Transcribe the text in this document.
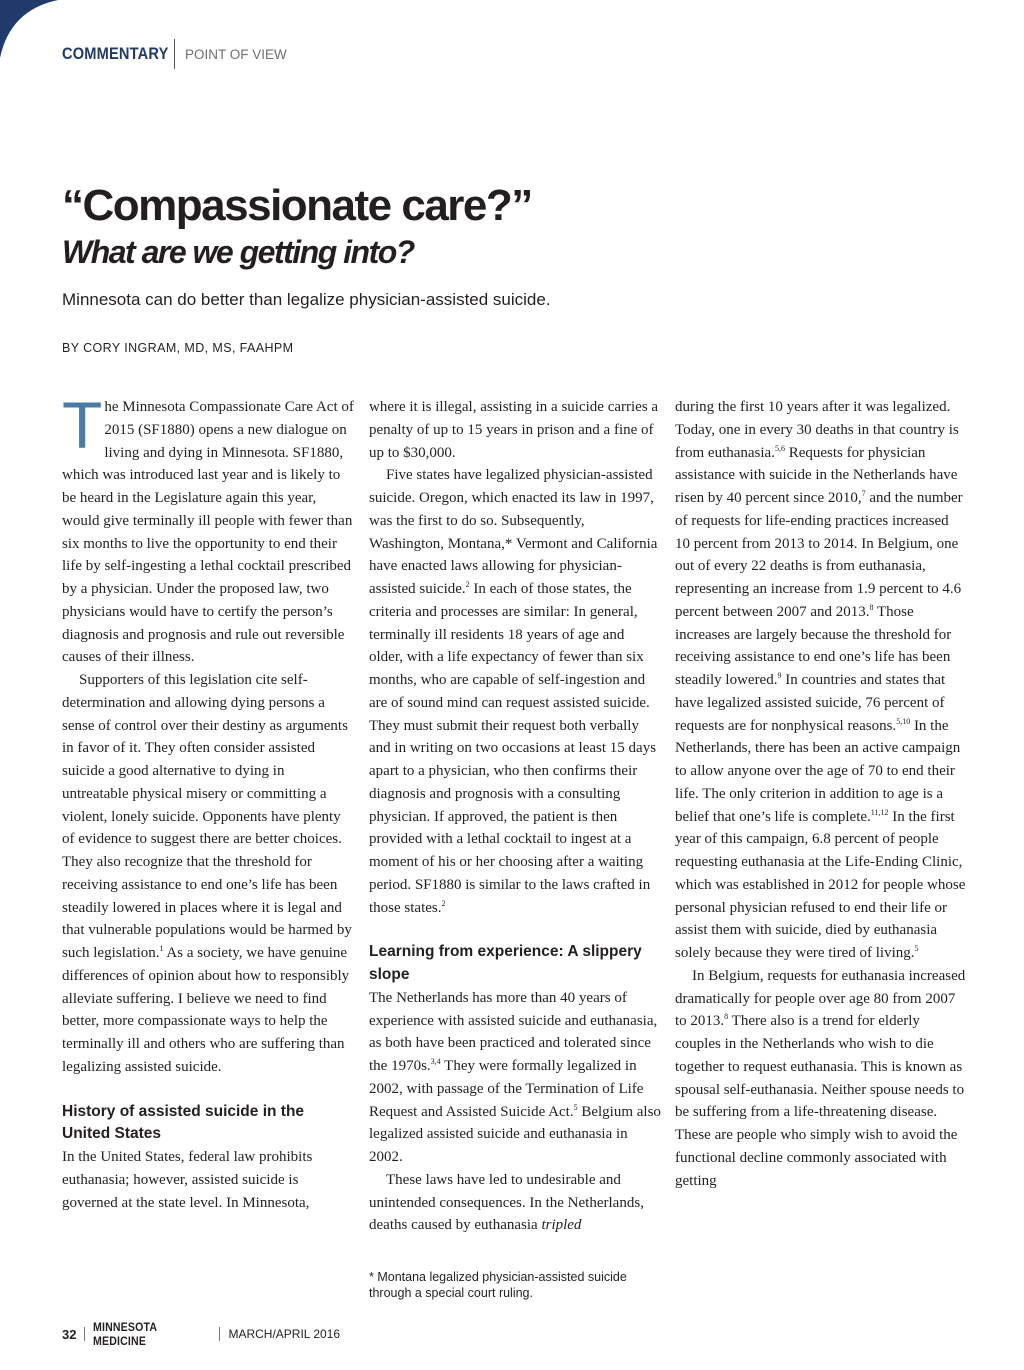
COMMENTARY POINT OF VIEW
“Compassionate care?”
What are we getting into?
Minnesota can do better than legalize physician-assisted suicide.
BY CORY INGRAM, MD, MS, FAAHPM

The Minnesota Compassionate Care Act of 2015 (SF1880) opens a new dialogue on living and dying in Minnesota. SF1880, which was introduced last year and is likely to be heard in the Legislature again this year, would give terminally ill people with fewer than six months to live the opportunity to end their life by self-ingesting a lethal cocktail prescribed by a physician. Under the proposed law, two physicians would have to certify the person’s diagnosis and prognosis and rule out reversible causes of their illness.

Supporters of this legislation cite self-determination and allowing dying persons a sense of control over their destiny as arguments in favor of it. They often consider assisted suicide a good alternative to dying in untreatable physical misery or committing a violent, lonely suicide. Opponents have plenty of evidence to suggest there are better choices. They also recognize that the threshold for receiving assistance to end one’s life has been steadily lowered in places where it is legal and that vulnerable populations would be harmed by such legislation.$^1$ As a society, we have genuine differences of opinion about how to responsibly alleviate suffering. I believe we need to find better, more compassionate ways to help the terminally ill and others who are suffering than legalizing assisted suicide.

History of assisted suicide in the United States

In the United States, federal law prohibits euthanasia; however, assisted suicide is governed at the state level. In Minnesota,

where it is illegal, assisting in a suicide carries a penalty of up to 15 years in prison and a fine of up to $30,000.

Five states have legalized physician-assisted suicide. Oregon, which enacted its law in 1997, was the first to do so. Subsequently, Washington, Montana,* Vermont and California have enacted laws allowing for physician-assisted suicide.$^2$ In each of those states, the criteria and processes are similar: In general, terminally ill residents 18 years of age and older, with a life expectancy of fewer than six months, who are capable of self-ingestion and are of sound mind can request assisted suicide. They must submit their request both verbally and in writing on two occasions at least 15 days apart to a physician, who then confirms their diagnosis and prognosis with a consulting physician. If approved, the patient is then provided with a lethal cocktail to ingest at a moment of his or her choosing after a waiting period. SF1880 is similar to the laws crafted in those states.$^2$

Learning from experience: A slippery slope

The Netherlands has more than 40 years of experience with assisted suicide and euthanasia, as both have been practiced and tolerated since the 1970s.$^{3,4}$ They were formally legalized in 2002, with passage of the Termination of Life Request and Assisted Suicide Act.$^5$ Belgium also legalized assisted suicide and euthanasia in 2002.

These laws have led to undesirable and unintended consequences. In the Netherlands, deaths caused by euthanasia tripled

* Montana legalized physician-assisted suicide through a special court ruling.

during the first 10 years after it was legalized. Today, one in every 30 deaths in that country is from euthanasia.$^{5,6}$ Requests for physician assistance with suicide in the Netherlands have risen by 40 percent since 2010,$^7$ and the number of requests for life-ending practices increased 10 percent from 2013 to 2014. In Belgium, one out of every 22 deaths is from euthanasia, representing an increase from 1.9 percent to 4.6 percent between 2007 and 2013.$^8$ Those increases are largely because the threshold for receiving assistance to end one’s life has been steadily lowered.$^9$ In countries and states that have legalized assisted suicide, 76 percent of requests are for nonphysical reasons.$^{5,10}$ In the Netherlands, there has been an active campaign to allow anyone over the age of 70 to end their life. The only criterion in addition to age is a belief that one’s life is complete.$^{11,12}$ In the first year of this campaign, 6.8 percent of people requesting euthanasia at the Life-Ending Clinic, which was established in 2012 for people whose personal physician refused to end their life or assist them with suicide, died by euthanasia solely because they were tired of living.$^5$

In Belgium, requests for euthanasia increased dramatically for people over age 80 from 2007 to 2013.$^8$ There also is a trend for elderly couples in the Netherlands who wish to die together to request euthanasia. This is known as spousal self-euthanasia. Neither spouse needs to be suffering from a life-threatening disease. These are people who simply wish to avoid the functional decline commonly associated with getting

32 MINNESOTA MEDICINE	MARCH/APRIL 2016
